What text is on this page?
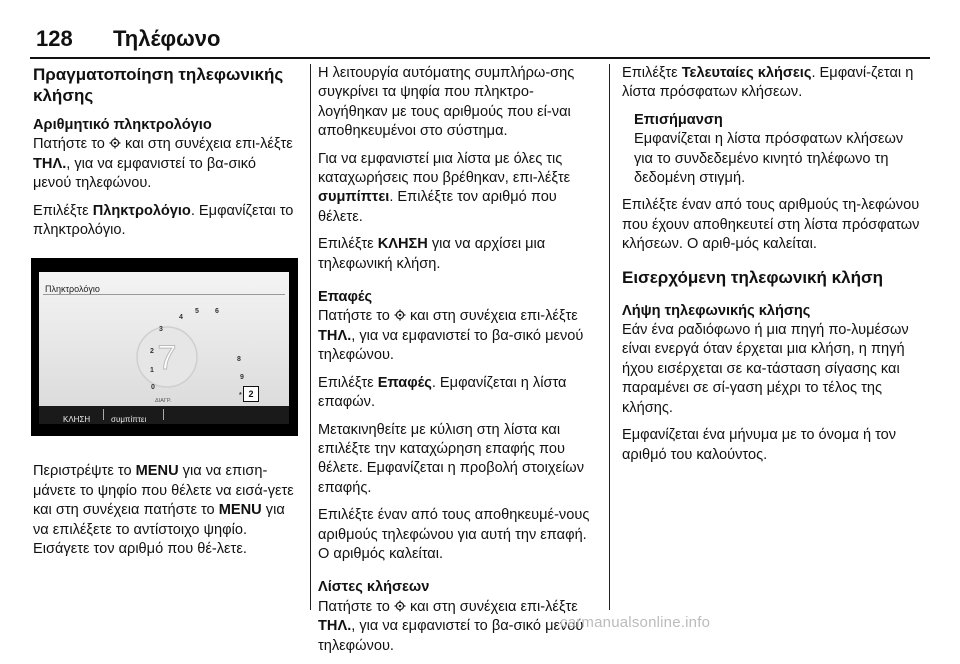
128 Τηλέφωνο
Πραγματοποίηση τηλεφωνικής κλήσης
Αριθμητικό πληκτρολόγιο

Πατήστε το  και στη συνέχεια επι-λέξτε ΤΗΛ., για να εμφανιστεί το βα-σικό μενού τηλεφώνου.

Επιλέξτε Πληκτρολόγιο. Εμφανίζεται το πληκτρολόγιο.

Πληκτρολόγιο
7
3
4
5 6
2
1
0
8
9
*
ΔΙΑΓΡ.
2
ΚΛΗΣΗ	συμπίπτει

Περιστρέψτε το MENU για να επιση-μάνετε το ψηφίο που θέλετε να εισά-γετε και στη συνέχεια πατήστε το MENU για να επιλέξετε το αντίστοιχο ψηφίο. Εισάγετε τον αριθμό που θέ-λετε.

Η λειτουργία αυτόματης συμπλήρω-σης συγκρίνει τα ψηφία που πληκτρο-λογήθηκαν με τους αριθμούς που εί-ναι αποθηκευμένοι στο σύστημα.

Για να εμφανιστεί μια λίστα με όλες τις καταχωρήσεις που βρέθηκαν, επι-λέξτε συμπίπτει. Επιλέξτε τον αριθμό που θέλετε.

Επιλέξτε ΚΛΗΣΗ για να αρχίσει μια τηλεφωνική κλήση.

Επαφές

Πατήστε το  και στη συνέχεια επι-λέξτε ΤΗΛ., για να εμφανιστεί το βα-σικό μενού τηλεφώνου.

Επιλέξτε Επαφές. Εμφανίζεται η λίστα επαφών.

Μετακινηθείτε με κύλιση στη λίστα και επιλέξτε την καταχώρηση επαφής που θέλετε. Εμφανίζεται η προβολή στοιχείων επαφής.

Επιλέξτε έναν από τους αποθηκευμέ-νους αριθμούς τηλεφώνου για αυτή την επαφή. Ο αριθμός καλείται.

Λίστες κλήσεων

Πατήστε το  και στη συνέχεια επι-λέξτε ΤΗΛ., για να εμφανιστεί το βα-σικό μενού τηλεφώνου.

Επιλέξτε Τελευταίες κλήσεις. Εμφανί-ζεται η λίστα πρόσφατων κλήσεων.

Επισήμανση

Εμφανίζεται η λίστα πρόσφατων κλήσεων για το συνδεδεμένο κινητό τηλέφωνο τη δεδομένη στιγμή.

Επιλέξτε έναν από τους αριθμούς τη-λεφώνου που έχουν αποθηκευτεί στη λίστα πρόσφατων κλήσεων. Ο αριθ-μός καλείται.

Εισερχόμενη τηλεφωνική κλήση
Λήψη τηλεφωνικής κλήσης

Εάν ένα ραδιόφωνο ή μια πηγή πο-λυμέσων είναι ενεργά όταν έρχεται μια κλήση, η πηγή ήχου εισέρχεται σε κα-τάσταση σίγασης και παραμένει σε σί-γαση μέχρι το τέλος της κλήσης.

Εμφανίζεται ένα μήνυμα με το όνομα ή τον αριθμό του καλούντος.

carmanualsonline.info
